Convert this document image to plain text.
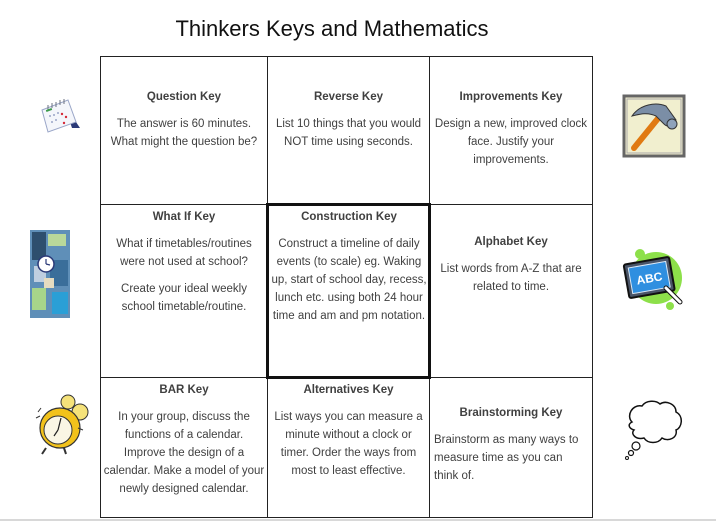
Thinkers Keys and Mathematics
Question Key

The answer is 60 minutes. What might the question be?

Reverse Key

List 10 things that you would NOT time using seconds.

Improvements Key

Design a new, improved clock face. Justify your improvements.

What If Key

What if timetables/routines were not used at school?

Create your ideal weekly school timetable/routine.

Construction Key

Construct a timeline of daily events (to scale) eg. Waking up, start of school day, recess, lunch etc. using both 24 hour time and am and pm notation.

Alphabet Key

List words from A-Z that are related to time.

BAR Key

In your group, discuss the functions of a calendar. Improve the design of a calendar. Make a model of your newly designed calendar.

Alternatives Key

List ways you can measure a minute without a clock or timer. Order the ways from most to least effective.

Brainstorming Key

Brainstorm as many ways to measure time as you can think of.

ABC
